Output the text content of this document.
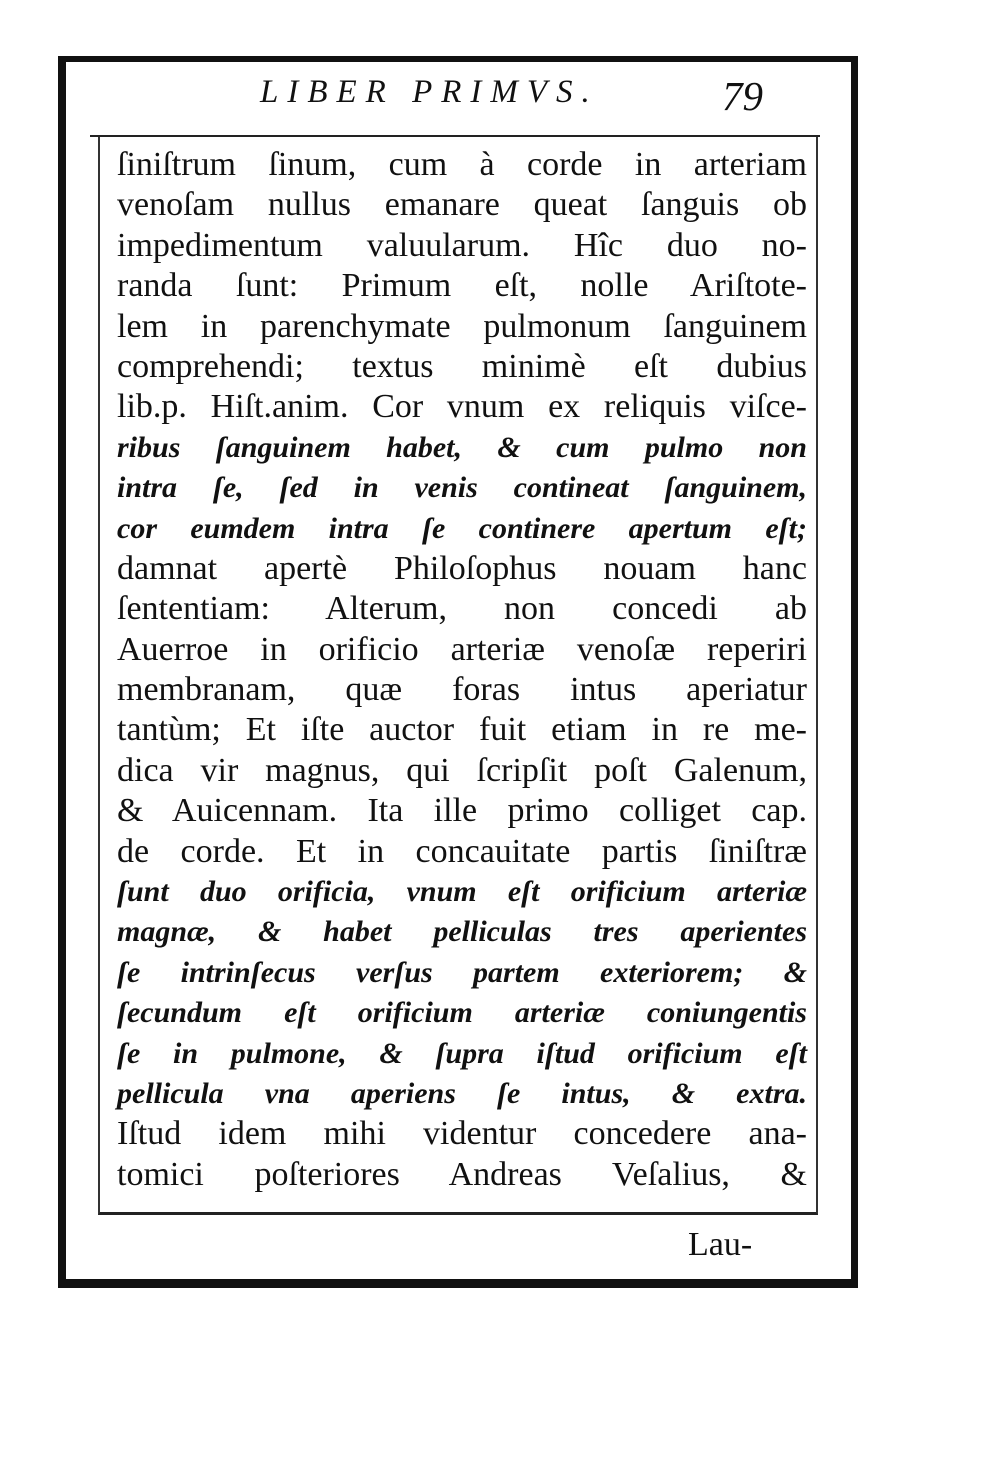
LIBER PRIMVS.	79
ſiniſtrum ſinum, cum à corde in arteriam
venoſam nullus emanare queat ſanguis ob
impedimentum valuularum. Hîc duo no-
randa ſunt: Primum eſt, nolle Ariſtote-
lem in parenchymate pulmonum ſanguinem
comprehendi; textus minimè eſt dubius
lib.p. Hiſt.anim. Cor vnum ex reliquis viſce-
ribus ſanguinem habet, & cum pulmo non
intra ſe, ſed in venis contineat ſanguinem,
cor eumdem intra ſe continere apertum eſt;
damnat apertè Philoſophus nouam hanc
ſententiam: Alterum, non concedi ab
Auerroe in orificio arteriæ venoſæ reperiri
membranam, quæ foras intus aperiatur
tantùm; Et iſte auctor fuit etiam in re me-
dica vir magnus, qui ſcripſit poſt Galenum,
& Auicennam. Ita ille primo colliget cap.
de corde. Et in concauitate partis ſiniſtræ
ſunt duo orificia, vnum eſt orificium arteriæ
magnæ, & habet pelliculas tres aperientes
ſe intrinſecus verſus partem exteriorem; &
ſecundum eſt orificium arteriæ coniungentis
ſe in pulmone, & ſupra iſtud orificium eſt
pellicula vna aperiens ſe intus, & extra.
Iſtud idem mihi videntur concedere ana-
tomici poſteriores Andreas Veſalius, &
Lau-
